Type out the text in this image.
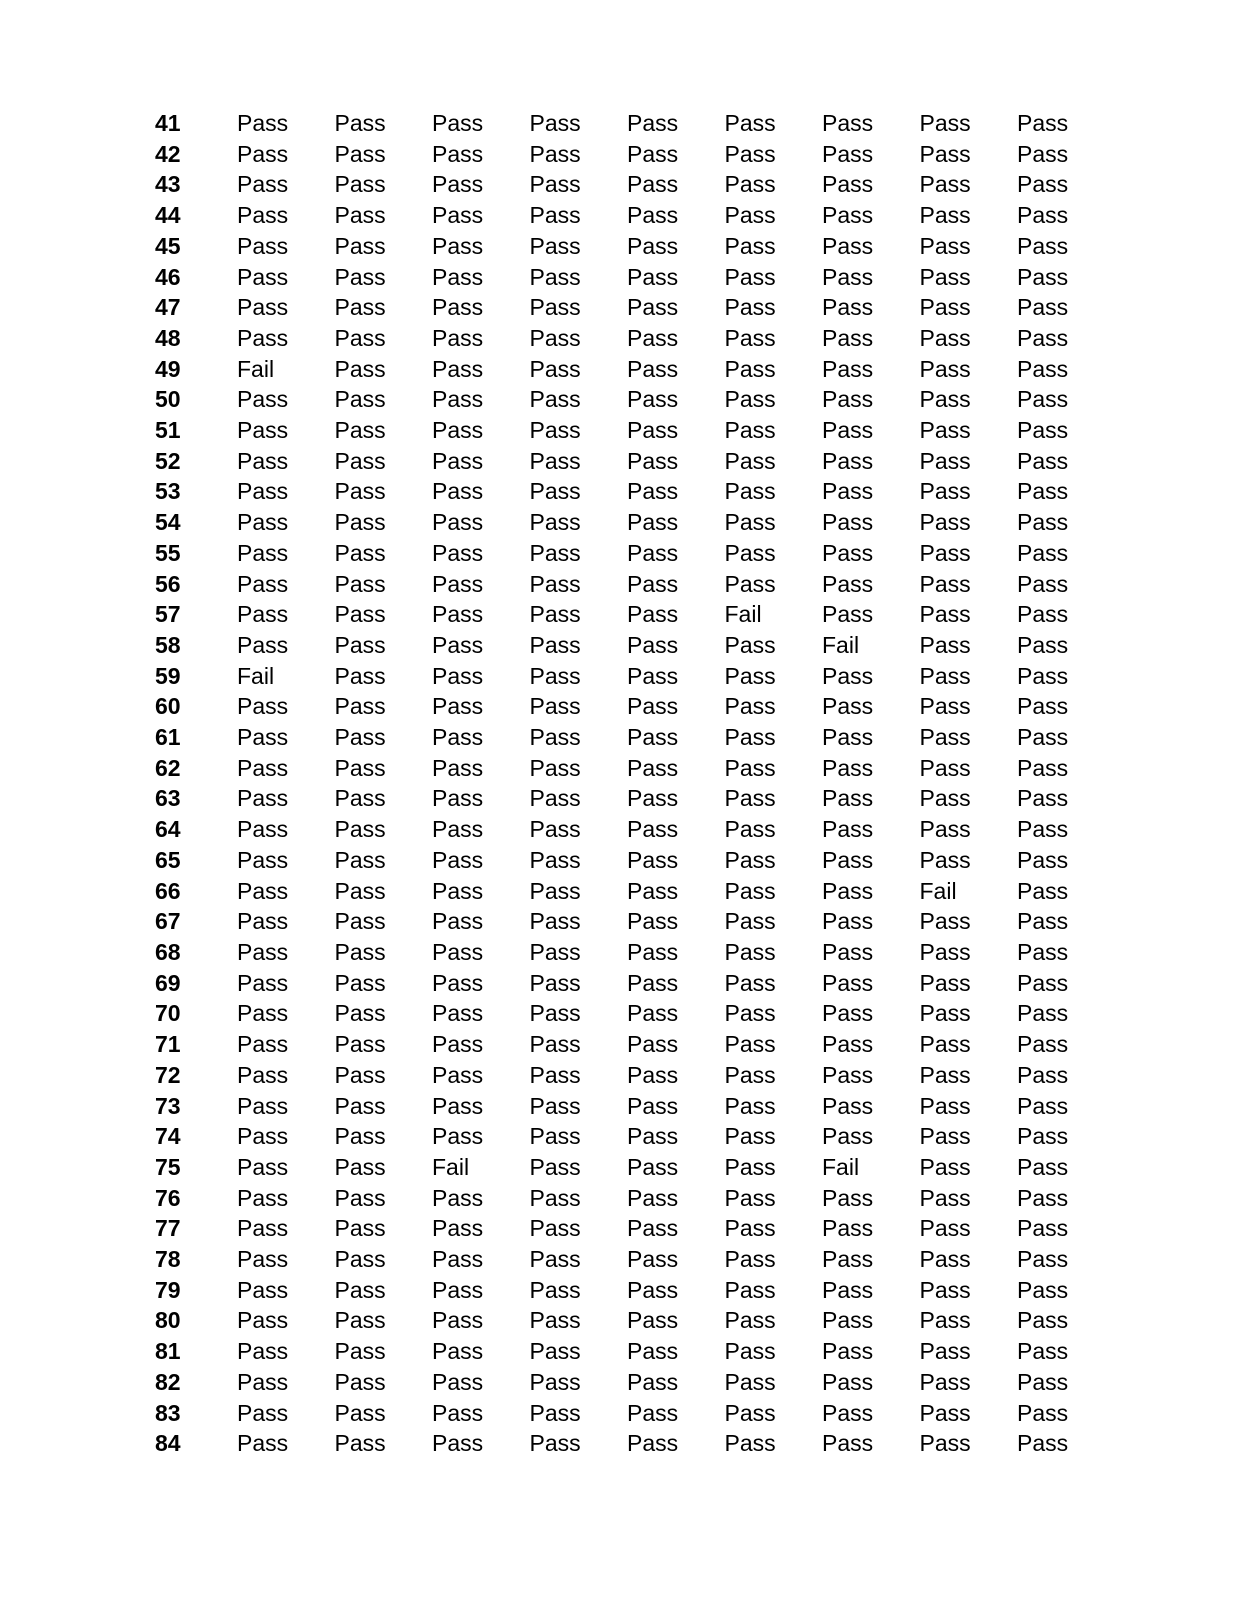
41	Pass	Pass	Pass	Pass	Pass	Pass	Pass	Pass	Pass
42	Pass	Pass	Pass	Pass	Pass	Pass	Pass	Pass	Pass
43	Pass	Pass	Pass	Pass	Pass	Pass	Pass	Pass	Pass
44	Pass	Pass	Pass	Pass	Pass	Pass	Pass	Pass	Pass
45	Pass	Pass	Pass	Pass	Pass	Pass	Pass	Pass	Pass
46	Pass	Pass	Pass	Pass	Pass	Pass	Pass	Pass	Pass
47	Pass	Pass	Pass	Pass	Pass	Pass	Pass	Pass	Pass
48	Pass	Pass	Pass	Pass	Pass	Pass	Pass	Pass	Pass
49	Fail	Pass	Pass	Pass	Pass	Pass	Pass	Pass	Pass
50	Pass	Pass	Pass	Pass	Pass	Pass	Pass	Pass	Pass
51	Pass	Pass	Pass	Pass	Pass	Pass	Pass	Pass	Pass
52	Pass	Pass	Pass	Pass	Pass	Pass	Pass	Pass	Pass
53	Pass	Pass	Pass	Pass	Pass	Pass	Pass	Pass	Pass
54	Pass	Pass	Pass	Pass	Pass	Pass	Pass	Pass	Pass
55	Pass	Pass	Pass	Pass	Pass	Pass	Pass	Pass	Pass
56	Pass	Pass	Pass	Pass	Pass	Pass	Pass	Pass	Pass
57	Pass	Pass	Pass	Pass	Pass	Fail	Pass	Pass	Pass
58	Pass	Pass	Pass	Pass	Pass	Pass	Fail	Pass	Pass
59	Fail	Pass	Pass	Pass	Pass	Pass	Pass	Pass	Pass
60	Pass	Pass	Pass	Pass	Pass	Pass	Pass	Pass	Pass
61	Pass	Pass	Pass	Pass	Pass	Pass	Pass	Pass	Pass
62	Pass	Pass	Pass	Pass	Pass	Pass	Pass	Pass	Pass
63	Pass	Pass	Pass	Pass	Pass	Pass	Pass	Pass	Pass
64	Pass	Pass	Pass	Pass	Pass	Pass	Pass	Pass	Pass
65	Pass	Pass	Pass	Pass	Pass	Pass	Pass	Pass	Pass
66	Pass	Pass	Pass	Pass	Pass	Pass	Pass	Fail	Pass
67	Pass	Pass	Pass	Pass	Pass	Pass	Pass	Pass	Pass
68	Pass	Pass	Pass	Pass	Pass	Pass	Pass	Pass	Pass
69	Pass	Pass	Pass	Pass	Pass	Pass	Pass	Pass	Pass
70	Pass	Pass	Pass	Pass	Pass	Pass	Pass	Pass	Pass
71	Pass	Pass	Pass	Pass	Pass	Pass	Pass	Pass	Pass
72	Pass	Pass	Pass	Pass	Pass	Pass	Pass	Pass	Pass
73	Pass	Pass	Pass	Pass	Pass	Pass	Pass	Pass	Pass
74	Pass	Pass	Pass	Pass	Pass	Pass	Pass	Pass	Pass
75	Pass	Pass	Fail	Pass	Pass	Pass	Fail	Pass	Pass
76	Pass	Pass	Pass	Pass	Pass	Pass	Pass	Pass	Pass
77	Pass	Pass	Pass	Pass	Pass	Pass	Pass	Pass	Pass
78	Pass	Pass	Pass	Pass	Pass	Pass	Pass	Pass	Pass
79	Pass	Pass	Pass	Pass	Pass	Pass	Pass	Pass	Pass
80	Pass	Pass	Pass	Pass	Pass	Pass	Pass	Pass	Pass
81	Pass	Pass	Pass	Pass	Pass	Pass	Pass	Pass	Pass
82	Pass	Pass	Pass	Pass	Pass	Pass	Pass	Pass	Pass
83	Pass	Pass	Pass	Pass	Pass	Pass	Pass	Pass	Pass
84	Pass	Pass	Pass	Pass	Pass	Pass	Pass	Pass	Pass
